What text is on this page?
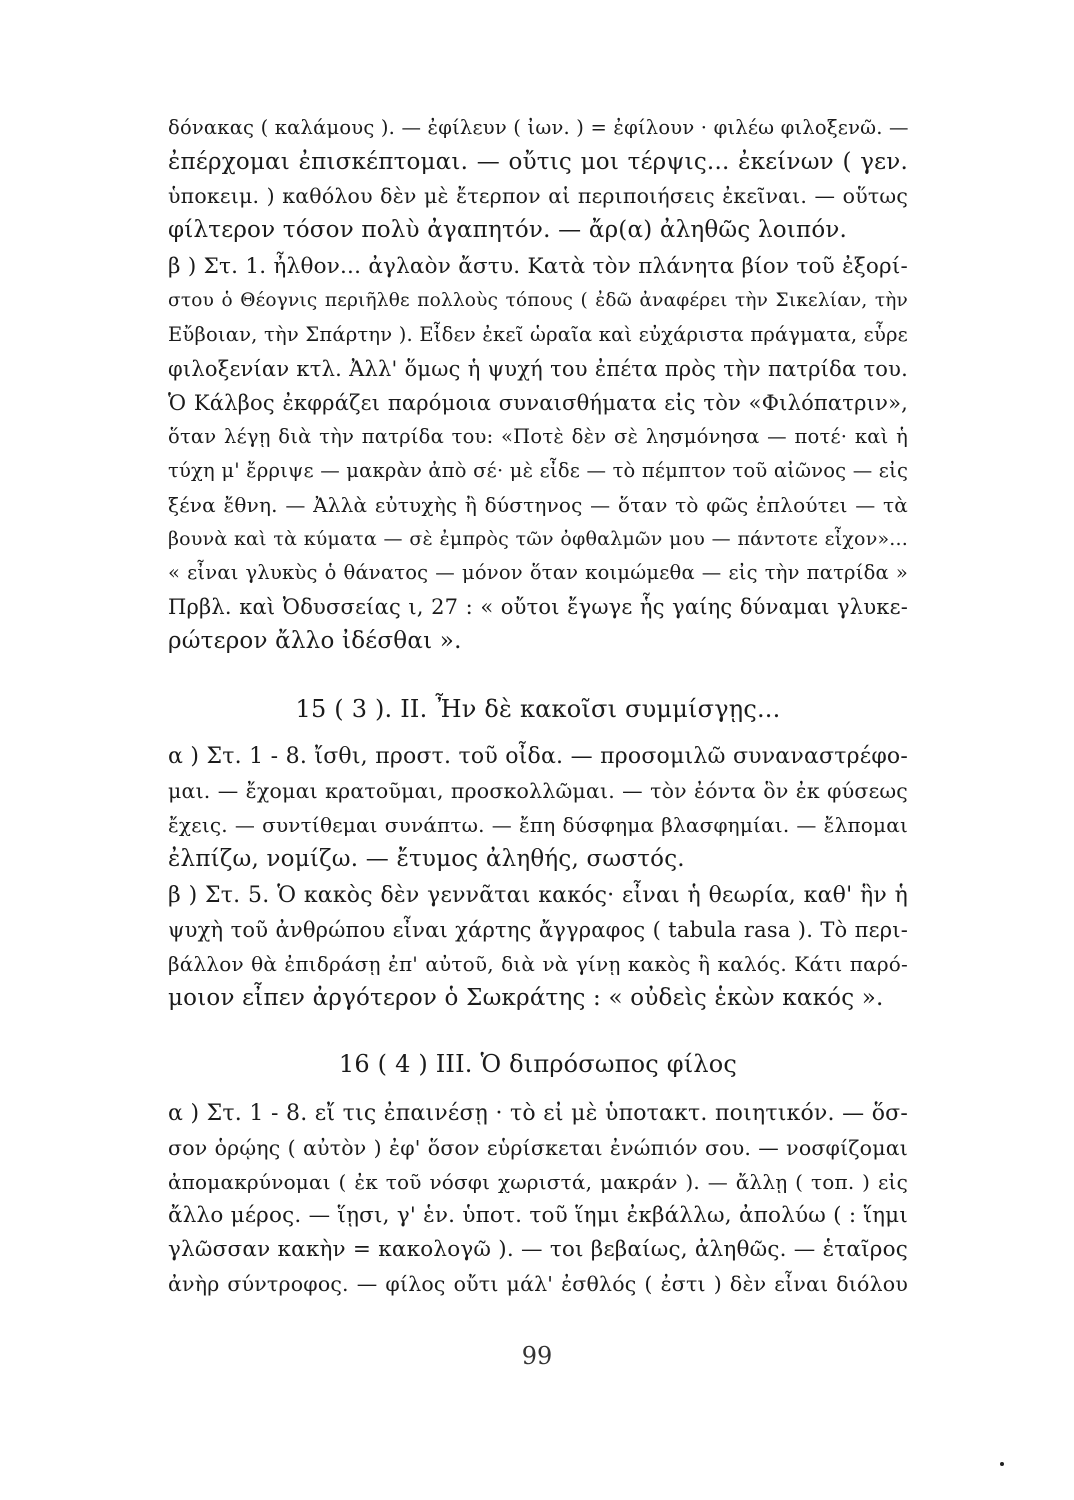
δόνακας ( καλάμους ). — ἐφίλευν ( ἰων. ) = ἐφίλουν · φιλέω φιλοξενῶ. —
ἐπέρχομαι ἐπισκέπτομαι. — οὔτις μοι τέρψις... ἐκείνων ( γεν.
ὑποκειμ. ) καθόλου δὲν μὲ ἔτερπον αἱ περιποιήσεις ἐκεῖναι. — οὕτως
φίλτερον τόσον πολὺ ἀγαπητόν. — ἄρ(α) ἀληθῶς λοιπόν.
β ) Στ. 1. ἦλθον... ἀγλαὸν ἄστυ. Κατὰ τὸν πλάνητα βίον τοῦ ἐξορί-
στου ὁ Θέογνις περιῆλθε πολλοὺς τόπους ( ἐδῶ ἀναφέρει τὴν Σικελίαν, τὴν
Εὔβοιαν, τὴν Σπάρτην ). Εἶδεν ἐκεῖ ὡραῖα καὶ εὐχάριστα πράγματα, εὗρε
φιλοξενίαν κτλ. Ἀλλ' ὅμως ἡ ψυχή του ἐπέτα πρὸς τὴν πατρίδα του.
Ὁ Κάλβος ἐκφράζει παρόμοια συναισθήματα εἰς τὸν «Φιλόπατριν»,
ὅταν λέγῃ διὰ τὴν πατρίδα του: «Ποτὲ δὲν σὲ λησμόνησα — ποτέ· καὶ ἡ
τύχη μ' ἔρριψε — μακρὰν ἀπὸ σέ· μὲ εἶδε — τὸ πέμπτον τοῦ αἰῶνος — εἰς
ξένα ἔθνη. — Ἀλλὰ εὐτυχὴς ἢ δύστηνος — ὅταν τὸ φῶς ἐπλούτει — τὰ
βουνὰ καὶ τὰ κύματα — σὲ ἐμπρὸς τῶν ὀφθαλμῶν μου — πάντοτε εἶχον»...
« εἶναι γλυκὺς ὁ θάνατος — μόνον ὅταν κοιμώμεθα — εἰς τὴν πατρίδα »
Πρβλ. καὶ Ὀδυσσείας ι, 27 : « οὔτοι ἔγωγε ἧς γαίης δύναμαι γλυκε-
ρώτερον ἄλλο ἰδέσθαι ».
15 ( 3 ). II. Ἦν δὲ κακοῖσι συμμίσγῃς...
α ) Στ. 1 - 8. ἴσθι, προστ. τοῦ οἶδα. — προσομιλῶ συναναστρέφο-
μαι. — ἔχομαι κρατοῦμαι, προσκολλῶμαι. — τὸν ἐόντα ὃν ἐκ φύσεως
ἔχεις. — συντίθεμαι συνάπτω. — ἔπη δύσφημα βλασφημίαι. — ἔλπομαι
ἐλπίζω, νομίζω. — ἔτυμος ἀληθής, σωστός.
β ) Στ. 5. Ὁ κακὸς δὲν γεννᾶται κακός· εἶναι ἡ θεωρία, καθ' ἣν ἡ
ψυχὴ τοῦ ἀνθρώπου εἶναι χάρτης ἄγγραφος ( tabula rasa ). Τὸ περι-
βάλλον θὰ ἐπιδράσῃ ἐπ' αὐτοῦ, διὰ νὰ γίνῃ κακὸς ἢ καλός. Κάτι παρό-
μοιον εἶπεν ἀργότερον ὁ Σωκράτης : « οὐδεὶς ἑκὼν κακός ».
16 ( 4 ) III. Ὁ διπρόσωπος φίλος
α ) Στ. 1 - 8. εἴ τις ἐπαινέσῃ · τὸ εἰ μὲ ὑποτακτ. ποιητικόν. — ὅσ-
σον ὁρῴης ( αὐτὸν ) ἐφ' ὅσον εὑρίσκεται ἐνώπιόν σου. — νοσφίζομαι
ἀπομακρύνομαι ( ἐκ τοῦ νόσφι χωριστά, μακράν ). — ἄλλῃ ( τοπ. ) εἰς
ἄλλο μέρος. — ἵῃσι, γ' ἑν. ὑποτ. τοῦ ἵημι ἐκβάλλω, ἀπολύω ( : ἵημι
γλῶσσαν κακὴν = κακολογῶ ). — τοι βεβαίως, ἀληθῶς. — ἑταῖρος
ἀνὴρ σύντροφος. — φίλος οὔτι μάλ' ἐσθλός ( ἐστι ) δὲν εἶναι διόλου
99
